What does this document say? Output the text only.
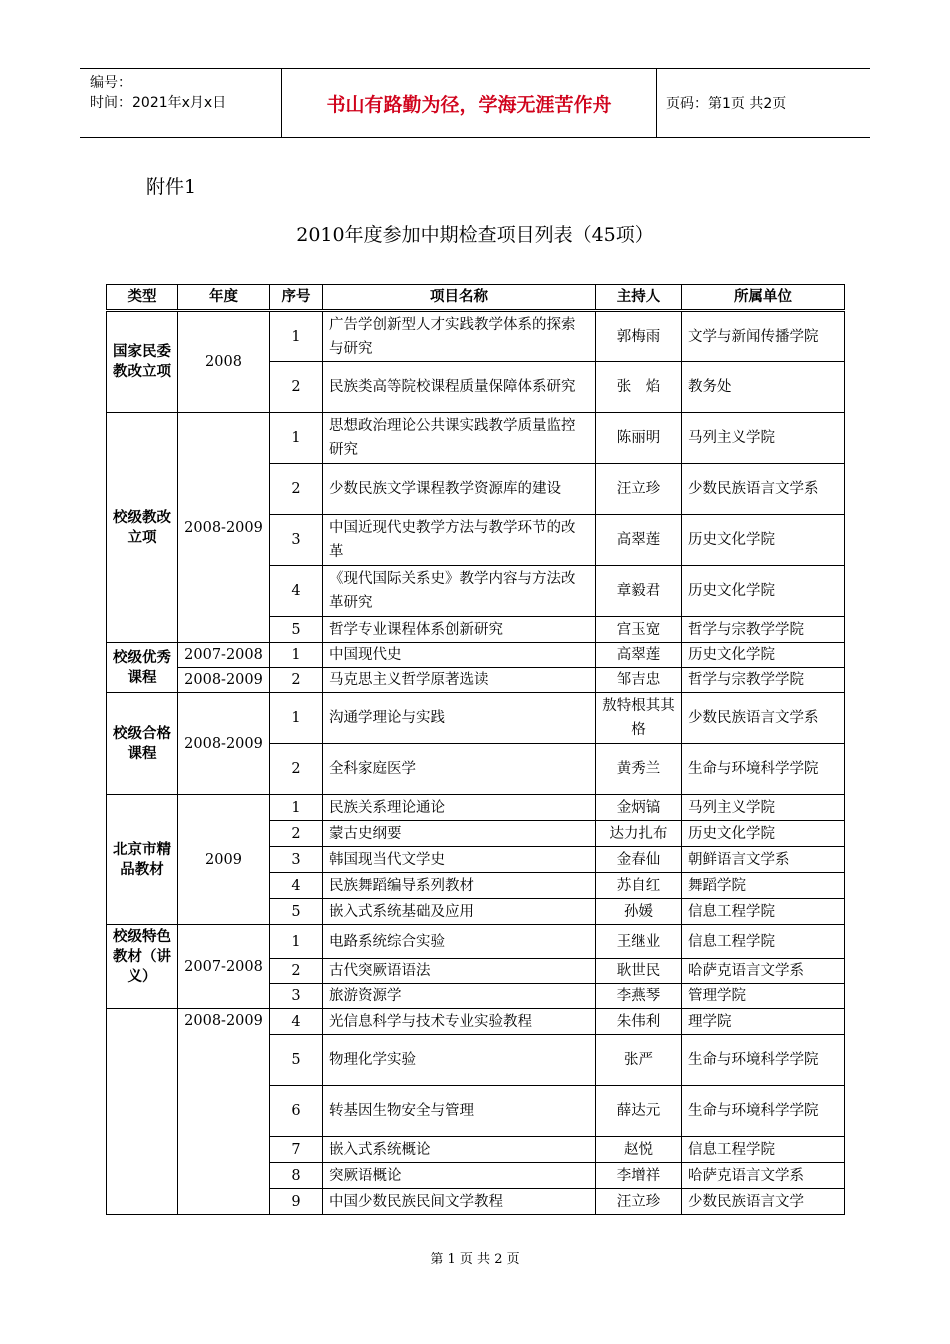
编号：
时间：2021年x月x日	书山有路勤为径，学海无涯苦作舟	页码：第1页 共2页
附件1
2010年度参加中期检查项目列表（45项）
类型	年度	序号	项目名称	主持人	所属单位
国家民委教改立项	2008	1	广告学创新型人才实践教学体系的探索与研究	郭梅雨	文学与新闻传播学院
		2	民族类高等院校课程质量保障体系研究	张　焰	教务处
校级教改立项	2008-2009	1	思想政治理论公共课实践教学质量监控研究	陈丽明	马列主义学院
		2	少数民族文学课程教学资源库的建设	汪立珍	少数民族语言文学系
		3	中国近现代史教学方法与教学环节的改革	高翠莲	历史文化学院
		4	《现代国际关系史》教学内容与方法改革研究	章毅君	历史文化学院
		5	哲学专业课程体系创新研究	宫玉宽	哲学与宗教学学院
校级优秀课程	2007-2008	1	中国现代史	高翠莲	历史文化学院
	2008-2009	2	马克思主义哲学原著选读	邹吉忠	哲学与宗教学学院
校级合格课程	2008-2009	1	沟通学理论与实践	敖特根其其格	少数民族语言文学系
		2	全科家庭医学	黄秀兰	生命与环境科学学院
北京市精品教材	2009	1	民族关系理论通论	金炳镐	马列主义学院
		2	蒙古史纲要	达力扎布	历史文化学院
		3	韩国现当代文学史	金春仙	朝鲜语言文学系
		4	民族舞蹈编导系列教材	苏自红	舞蹈学院
		5	嵌入式系统基础及应用	孙媛	信息工程学院
校级特色教材（讲义）	2007-2008	1	电路系统综合实验	王继业	信息工程学院
		2	古代突厥语语法	耿世民	哈萨克语言文学系
		3	旅游资源学	李燕琴	管理学院
	2008-2009	4	光信息科学与技术专业实验教程	朱伟利	理学院
		5	物理化学实验	张严	生命与环境科学学院
		6	转基因生物安全与管理	薛达元	生命与环境科学学院
		7	嵌入式系统概论	赵悦	信息工程学院
		8	突厥语概论	李增祥	哈萨克语言文学系
		9	中国少数民族民间文学教程	汪立珍	少数民族语言文学
第 1 页 共 2 页
